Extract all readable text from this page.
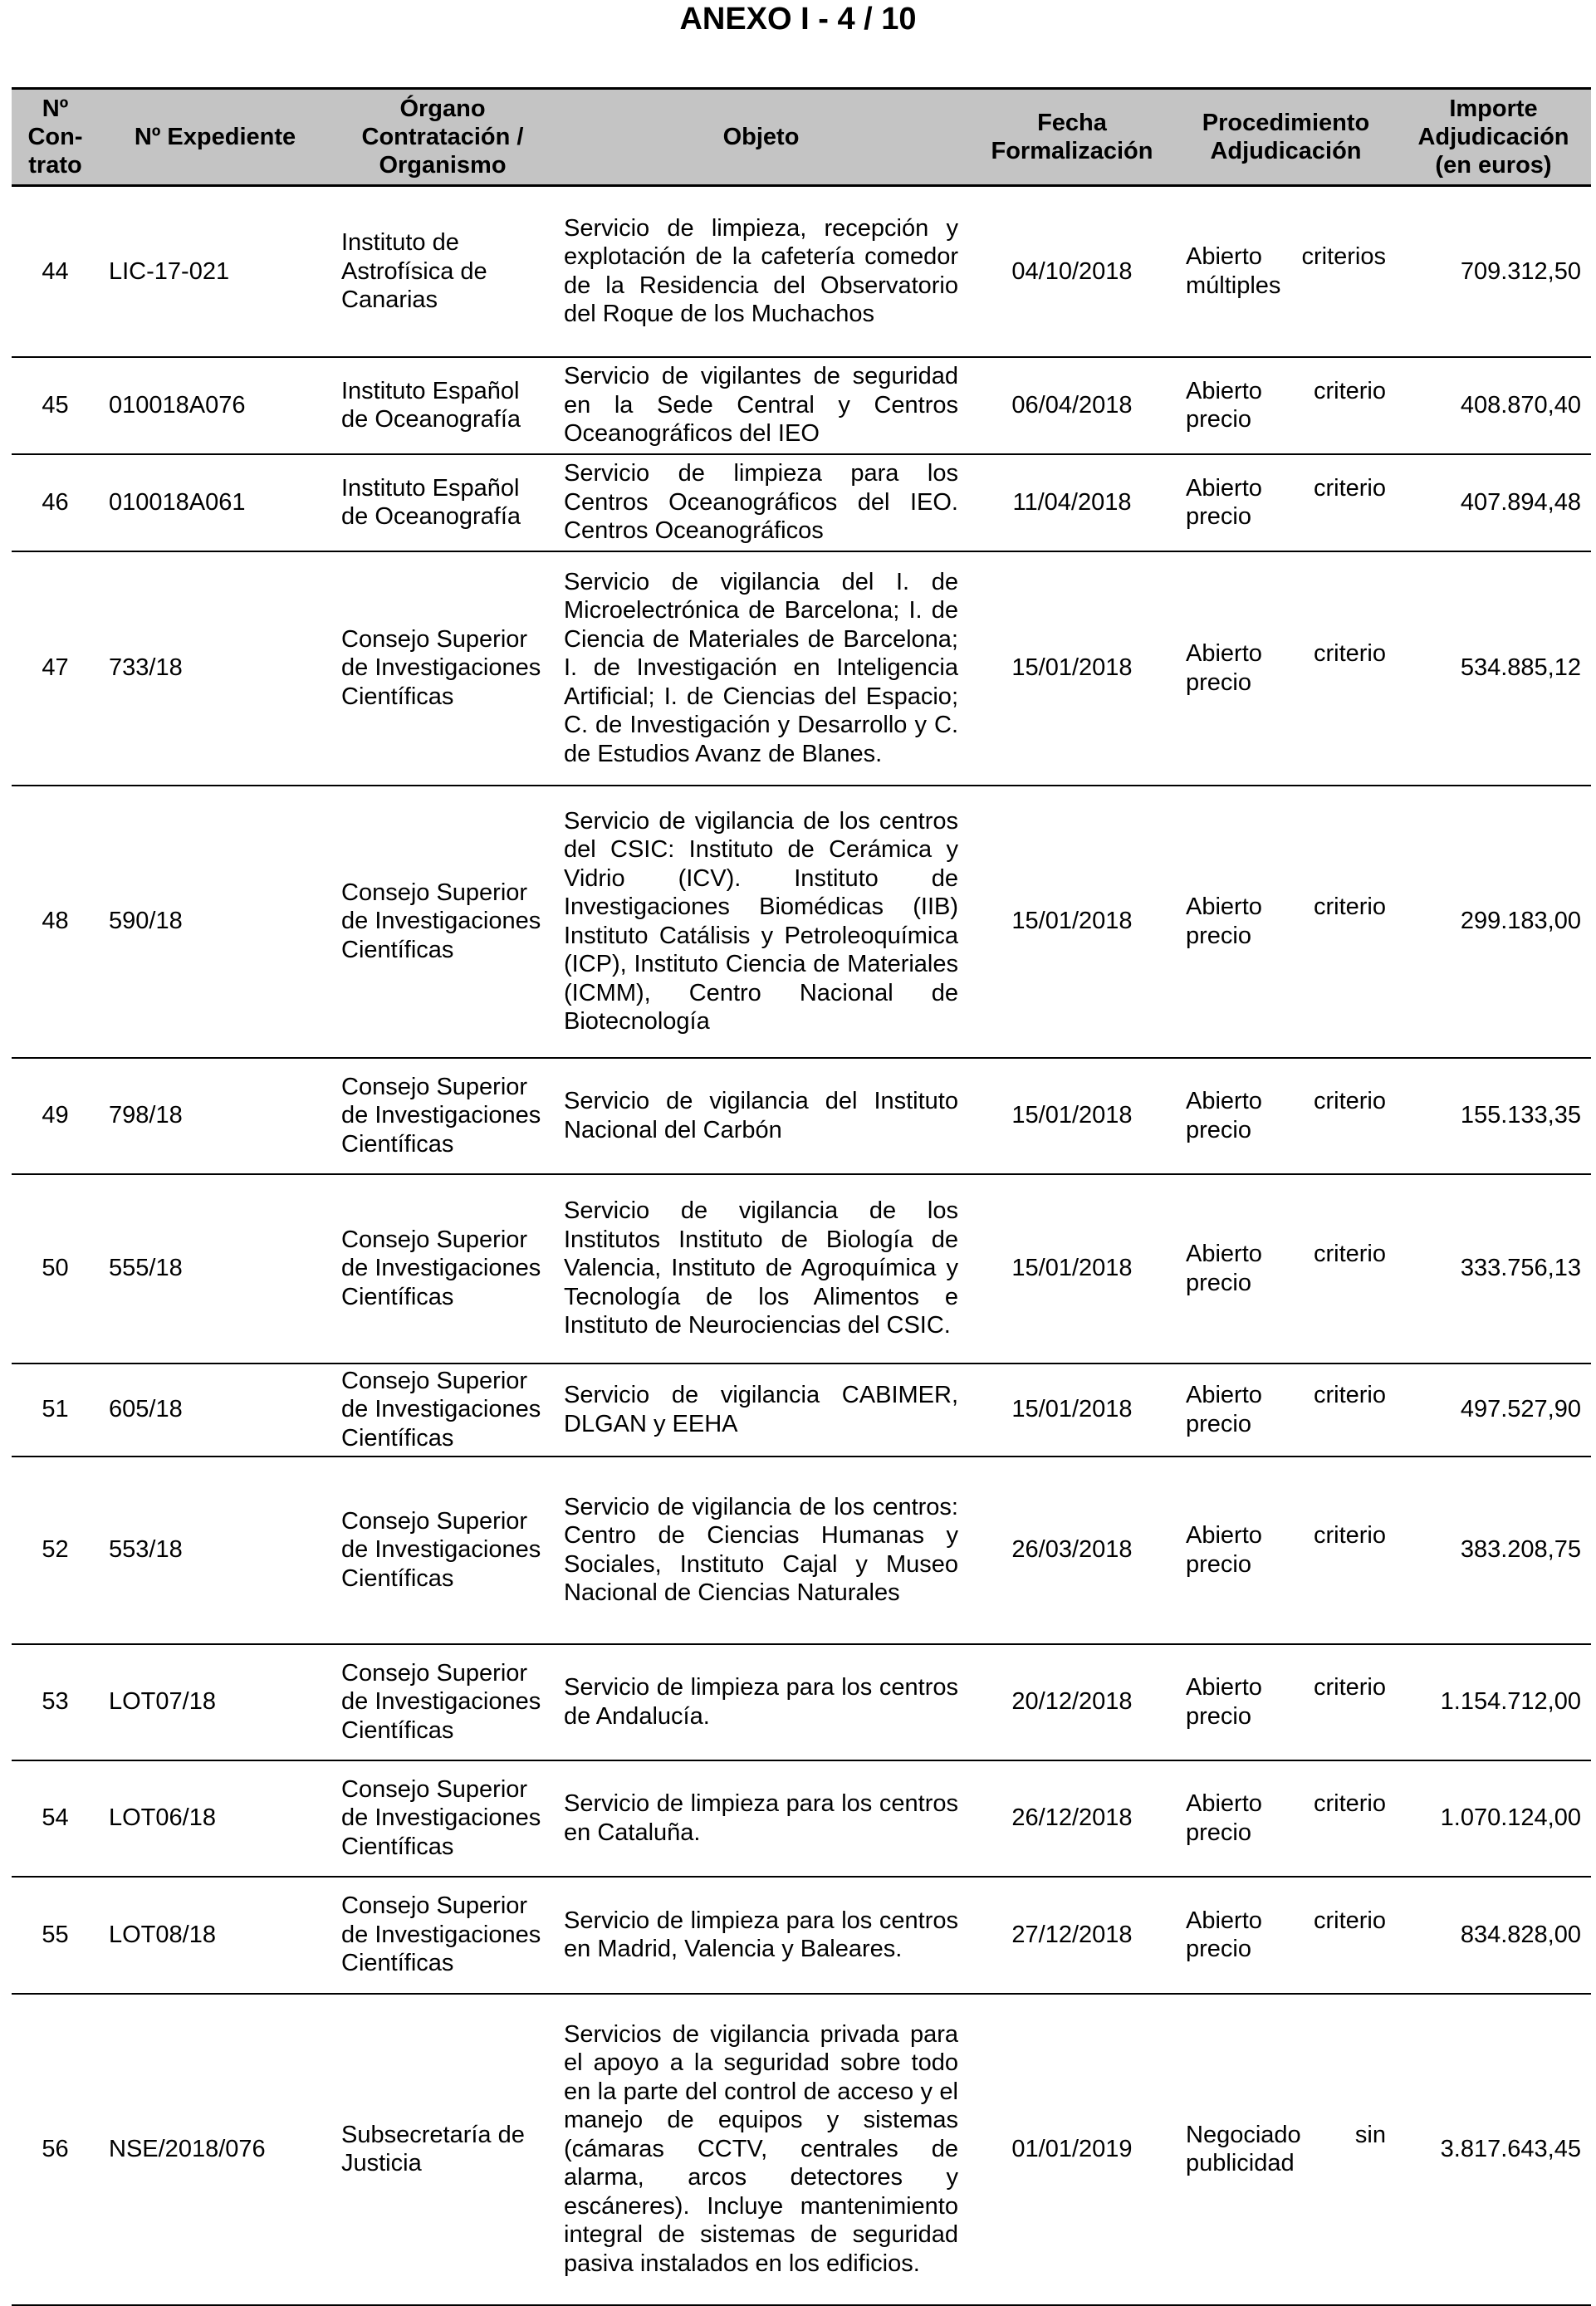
ANEXO I - 4 / 10
Nº Con-trato	Nº Expediente	Órgano Contratación / Organismo	Objeto	Fecha Formalización	Procedimiento Adjudicación	Importe Adjudicación (en euros)
44	LIC-17-021	Instituto de Astrofísica de Canarias	Servicio de limpieza, recepción y explotación de la cafetería comedor de la Residencia del Observatorio del Roque de los Muchachos	04/10/2018	Abierto criterios múltiples	709.312,50
45	010018A076	Instituto Español de Oceanografía	Servicio de vigilantes de seguridad en la Sede Central y Centros Oceanográficos del IEO	06/04/2018	Abierto criterio precio	408.870,40
46	010018A061	Instituto Español de Oceanografía	Servicio de limpieza para los Centros Oceanográficos del IEO. Centros Oceanográficos	11/04/2018	Abierto criterio precio	407.894,48
47	733/18	Consejo Superior de Investigaciones Científicas	Servicio de vigilancia del I. de Microelectrónica de Barcelona; I. de Ciencia de Materiales de Barcelona; I. de Investigación en Inteligencia Artificial; I. de Ciencias del Espacio; C. de Investigación y Desarrollo y C. de Estudios Avanz de Blanes.	15/01/2018	Abierto criterio precio	534.885,12
48	590/18	Consejo Superior de Investigaciones Científicas	Servicio de vigilancia de los centros del CSIC: Instituto de Cerámica y Vidrio (ICV). Instituto de Investigaciones Biomédicas (IIB) Instituto Catálisis y Petroleoquímica (ICP), Instituto Ciencia de Materiales (ICMM), Centro Nacional de Biotecnología	15/01/2018	Abierto criterio precio	299.183,00
49	798/18	Consejo Superior de Investigaciones Científicas	Servicio de vigilancia del Instituto Nacional del Carbón	15/01/2018	Abierto criterio precio	155.133,35
50	555/18	Consejo Superior de Investigaciones Científicas	Servicio de vigilancia de los Institutos Instituto de Biología de Valencia, Instituto de Agroquímica y Tecnología de los Alimentos e Instituto de Neurociencias del CSIC.	15/01/2018	Abierto criterio precio	333.756,13
51	605/18	Consejo Superior de Investigaciones Científicas	Servicio de vigilancia CABIMER, DLGAN y EEHA	15/01/2018	Abierto criterio precio	497.527,90
52	553/18	Consejo Superior de Investigaciones Científicas	Servicio de vigilancia de los centros: Centro de Ciencias Humanas y Sociales, Instituto Cajal y Museo Nacional de Ciencias Naturales	26/03/2018	Abierto criterio precio	383.208,75
53	LOT07/18	Consejo Superior de Investigaciones Científicas	Servicio de limpieza para los centros de Andalucía.	20/12/2018	Abierto criterio precio	1.154.712,00
54	LOT06/18	Consejo Superior de Investigaciones Científicas	Servicio de limpieza para los centros en Cataluña.	26/12/2018	Abierto criterio precio	1.070.124,00
55	LOT08/18	Consejo Superior de Investigaciones Científicas	Servicio de limpieza para los centros en Madrid, Valencia y Baleares.	27/12/2018	Abierto criterio precio	834.828,00
56	NSE/2018/076	Subsecretaría de Justicia	Servicios de vigilancia privada para el apoyo a la seguridad sobre todo en la parte del control de acceso y el manejo de equipos y sistemas (cámaras CCTV, centrales de alarma, arcos detectores y escáneres). Incluye mantenimiento integral de sistemas de seguridad pasiva instalados en los edificios.	01/01/2019	Negociado sin publicidad	3.817.643,45
